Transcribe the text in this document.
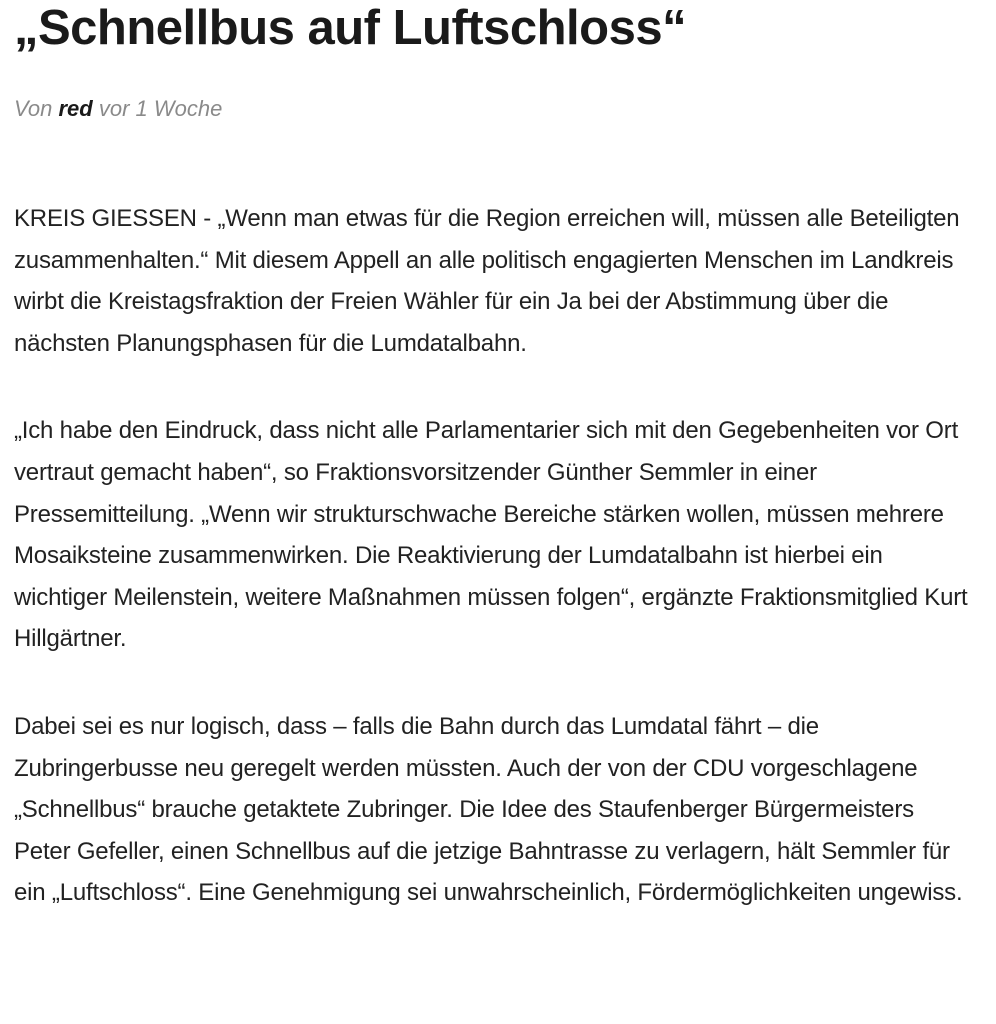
„Schnellbus auf Luftschloss“
Von red vor 1 Woche

KREIS GIESSEN - „Wenn man etwas für die Region erreichen will, müssen alle Beteiligten zusammenhalten.“ Mit diesem Appell an alle politisch engagierten Menschen im Landkreis wirbt die Kreistagsfraktion der Freien Wähler für ein Ja bei der Abstimmung über die nächsten Planungsphasen für die Lumdatalbahn.

„Ich habe den Eindruck, dass nicht alle Parlamentarier sich mit den Gegebenheiten vor Ort vertraut gemacht haben“, so Fraktionsvorsitzender Günther Semmler in einer Pressemitteilung. „Wenn wir strukturschwache Bereiche stärken wollen, müssen mehrere Mosaiksteine zusammenwirken. Die Reaktivierung der Lumdatalbahn ist hierbei ein wichtiger Meilenstein, weitere Maßnahmen müssen folgen“, ergänzte Fraktionsmitglied Kurt Hillgärtner.

Dabei sei es nur logisch, dass – falls die Bahn durch das Lumdatal fährt – die Zubringerbusse neu geregelt werden müssten. Auch der von der CDU vorgeschlagene „Schnellbus“ brauche getaktete Zubringer. Die Idee des Staufenberger Bürgermeisters Peter Gefeller, einen Schnellbus auf die jetzige Bahntrasse zu verlagern, hält Semmler für ein „Luftschloss“. Eine Genehmigung sei unwahrscheinlich, Fördermöglichkeiten ungewiss.
